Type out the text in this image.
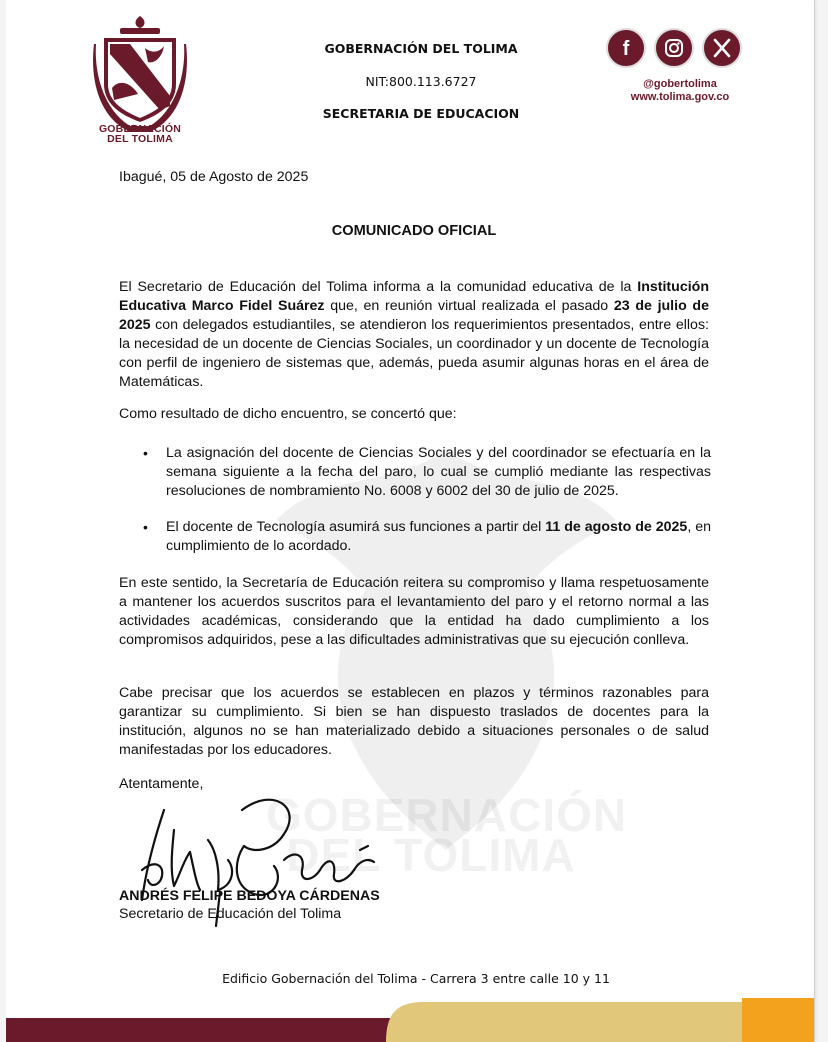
GOBERNACIÓN
DEL TOLIMA
GOBERNACIÓN
DEL TOLIMA
GOBERNACIÓN DEL TOLIMA
NIT:800.113.6727
SECRETARIA DE EDUCACION
f
@gobertolima
www.tolima.gov.co
Ibagué, 05 de Agosto de 2025
COMUNICADO OFICIAL
El Secretario de Educación del Tolima informa a la comunidad educativa de la Institución Educativa Marco Fidel Suárez que, en reunión virtual realizada el pasado 23 de julio de 2025 con delegados estudiantiles, se atendieron los requerimientos presentados, entre ellos: la necesidad de un docente de Ciencias Sociales, un coordinador y un docente de Tecnología con perfil de ingeniero de sistemas que, además, pueda asumir algunas horas en el área de Matemáticas.
Como resultado de dicho encuentro, se concertó que:
• La asignación del docente de Ciencias Sociales y del coordinador se efectuaría en la semana siguiente a la fecha del paro, lo cual se cumplió mediante las respectivas resoluciones de nombramiento No. 6008 y 6002 del 30 de julio de 2025.
• El docente de Tecnología asumirá sus funciones a partir del 11 de agosto de 2025, en cumplimiento de lo acordado.
En este sentido, la Secretaría de Educación reitera su compromiso y llama respetuosamente a mantener los acuerdos suscritos para el levantamiento del paro y el retorno normal a las actividades académicas, considerando que la entidad ha dado cumplimiento a los compromisos adquiridos, pese a las dificultades administrativas que su ejecución conlleva.
Cabe precisar que los acuerdos se establecen en plazos y términos razonables para garantizar su cumplimiento. Si bien se han dispuesto traslados de docentes para la institución, algunos no se han materializado debido a situaciones personales o de salud manifestadas por los educadores.
Atentamente,
ANDRÉS FELIPE BEDOYA CÁRDENAS
Secretario de Educación del Tolima
Edificio Gobernación del Tolima - Carrera 3 entre calle 10 y 11
